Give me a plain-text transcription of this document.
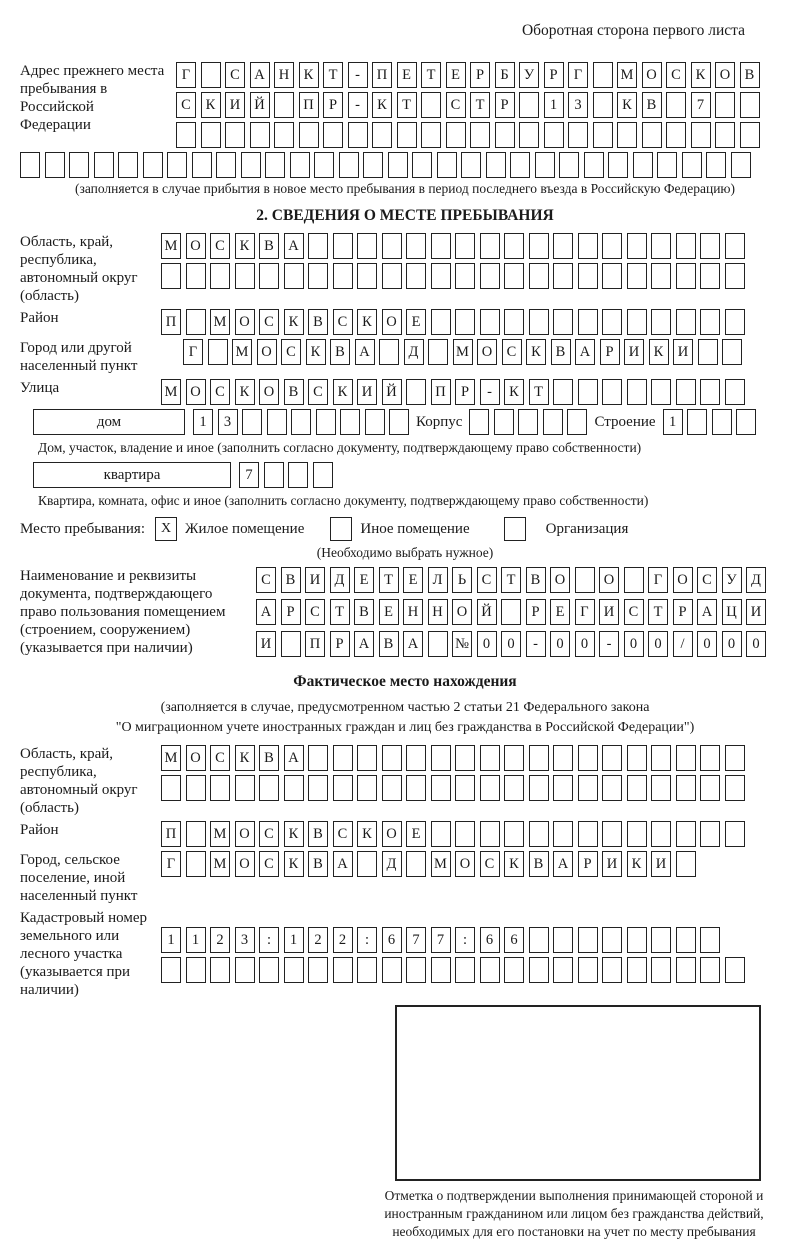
Оборотная сторона первого листа
Адрес прежнего места пребывания в Российской Федерации
Г	С А Н К	Т	-	П	Е	Т	Е	Р	Б	У	Р	Г	М О С	К О В
С	К И Й	П	Р	-	К	Т	С	Т	Р	1	3	К	В	7
(заполняется в случае прибытия в новое место пребывания в период последнего въезда в Российскую Федерацию)
2. СВЕДЕНИЯ О МЕСТЕ ПРЕБЫВАНИЯ
Область, край, республика, автономный округ (область)
М О С	К	В А
Район	П	М О С	К	В	С	К О	Е
Город или другой населенный пункт
Г	М О С	К	В А	Д	М О С	К	В А	Р	И К И
Улица	М О С	К О В	С	К И Й	П	Р	-	К	Т
дом	1	3	Корпус	Строение 1
Дом, участок, владение и иное (заполнить согласно документу, подтверждающему право собственности)
квартира	7
Квартира, комната, офис и иное (заполнить согласно документу, подтверждающему право собственности)
Место пребывания:	X Жилое помещение	Иное помещение	Организация
(Необходимо выбрать нужное)
Наименование и реквизиты документа, подтверждающего право пользования помещением (строением, сооружением) (указывается при наличии)
С	В И Д	Е	Т	Е	Л	Ь	С	Т	В О	О	Г	О С	У Д
А	Р	С	Т	В	Е	Н Н О Й	Р	Е	Г	И С	Т	Р	А Ц И
И	П	Р	А В А	№ 0	0	-	0	0	-	0	0	/	0	0	0
Фактическое место нахождения
(заполняется в случае, предусмотренном частью 2 статьи 21 Федерального закона
"О миграционном учете иностранных граждан и лиц без гражданства в Российской Федерации")
Область, край, республика, автономный округ (область)
М О С	К	В А
Район	П	М О С	К	В	С	К О	Е
Город, сельское поселение, иной населенный пункт
Г	М О С	К	В А	Д	М О С	К	В А	Р	И К И
Кадастровый номер земельного или лесного участка (указывается при наличии)
1	1	2	3	:	1	2	2	:	6	7	7	:	6	6
Отметка о подтверждении выполнения принимающей стороной и иностранным гражданином или лицом без гражданства действий, необходимых для его постановки на учет по месту пребывания
